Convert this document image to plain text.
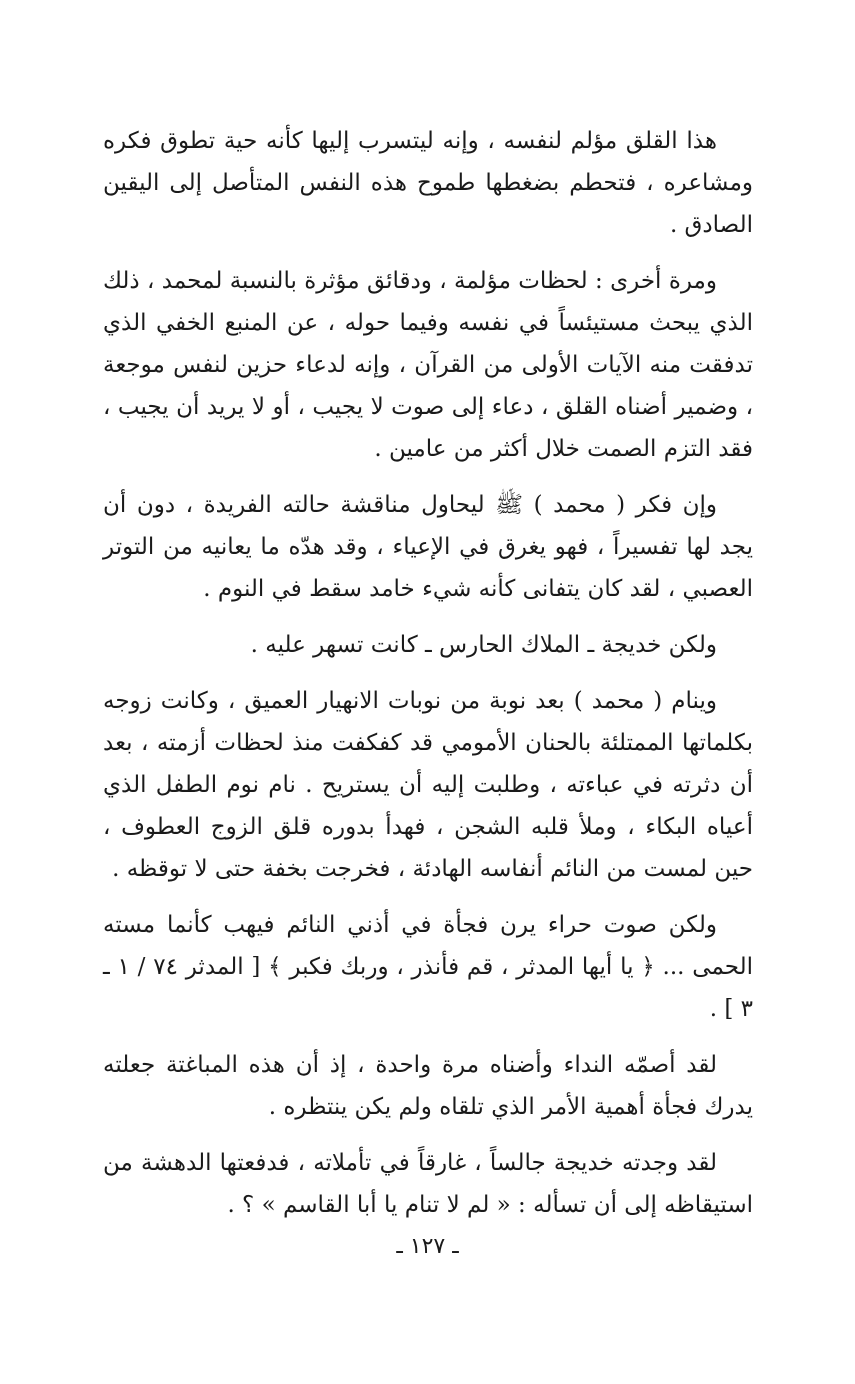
هذا القلق مؤلم لنفسه ، وإنه ليتسرب إليها كأنه حية تطوق فكره ومشاعره ، فتحطم بضغطها طموح هذه النفس المتأصل إلى اليقين الصادق .

ومرة أخرى : لحظات مؤلمة ، ودقائق مؤثرة بالنسبة لمحمد ، ذلك الذي يبحث مستيئساً في نفسه وفيما حوله ، عن المنبع الخفي الذي تدفقت منه الآيات الأولى من القرآن ، وإنه لدعاء حزين لنفس موجعة ، وضمير أضناه القلق ، دعاء إلى صوت لا يجيب ، أو لا يريد أن يجيب ، فقد التزم الصمت خلال أكثر من عامين .

وإن فكر ( محمد ) ﷺ ليحاول مناقشة حالته الفريدة ، دون أن يجد لها تفسيراً ، فهو يغرق في الإعياء ، وقد هدّه ما يعانيه من التوتر العصبي ، لقد كان يتفانى كأنه شيء خامد سقط في النوم .

ولكن خديجة ـ الملاك الحارس ـ كانت تسهر عليه .

وينام ( محمد ) بعد نوبة من نوبات الانهيار العميق ، وكانت زوجه بكلماتها الممتلئة بالحنان الأمومي قد كفكفت منذ لحظات أزمته ، بعد أن دثرته في عباءته ، وطلبت إليه أن يستريح . نام نوم الطفل الذي أعياه البكاء ، وملأ قلبه الشجن ، فهدأ بدوره قلق الزوج العطوف ، حين لمست من النائم أنفاسه الهادئة ، فخرجت بخفة حتى لا توقظه .

ولكن صوت حراء يرن فجأة في أذني النائم فيهب كأنما مسته الحمى ... ﴿ يا أيها المدثر ، قم فأنذر ، وربك فكبر ﴾ [ المدثر ٧٤ / ١ ـ ٣ ] .

لقد أصمّه النداء وأضناه مرة واحدة ، إذ أن هذه المباغتة جعلته يدرك فجأة أهمية الأمر الذي تلقاه ولم يكن ينتظره .

لقد وجدته خديجة جالساً ، غارقاً في تأملاته ، فدفعتها الدهشة من استيقاظه إلى أن تسأله : « لم لا تنام يا أبا القاسم » ؟ .

ـ ١٢٧ ـ
